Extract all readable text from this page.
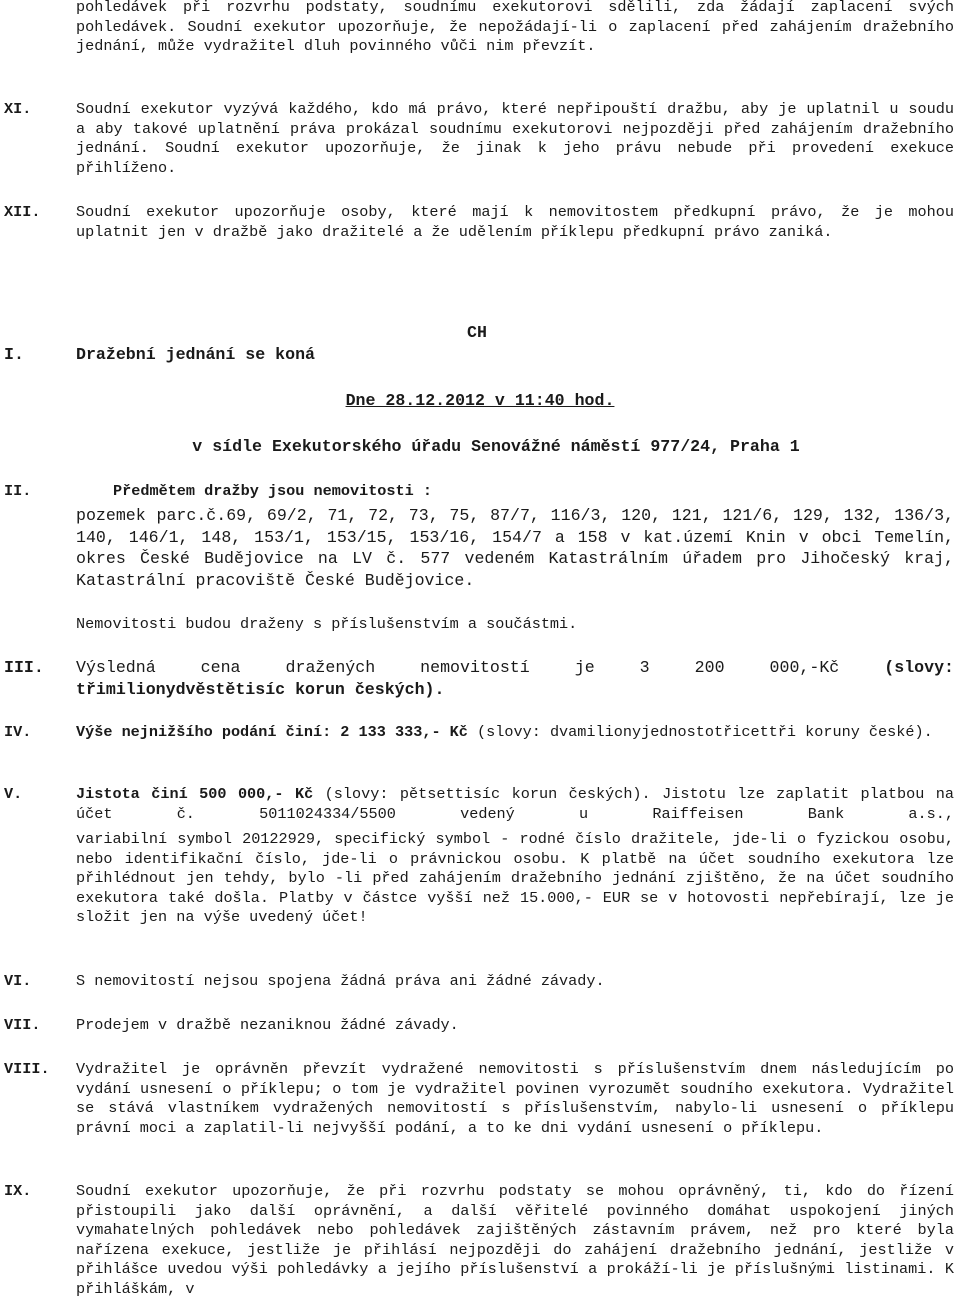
pohledávek při rozvrhu podstaty, soudnímu exekutorovi sdělili, zda žádají zaplacení svých pohledávek. Soudní exekutor upozorňuje, že nepožádají-li o zaplacení před zahájením dražebního jednání, může vydražitel dluh povinného vůči nim převzít.

XI.	Soudní exekutor vyzývá každého, kdo má právo, které nepřipouští dražbu, aby je uplatnil u soudu a aby takové uplatnění práva prokázal soudnímu exekutorovi nejpozději před zahájením dražebního jednání. Soudní exekutor upozorňuje, že jinak k jeho právu nebude při provedení exekuce přihlíženo.

XII. Soudní exekutor upozorňuje osoby, které mají k nemovitostem předkupní právo, že je mohou uplatnit jen v dražbě jako dražitelé a že udělením příklepu předkupní právo zaniká.

CH
I.	Dražební jednání se koná
Dne 28.12.2012 v 11:40 hod.
v sídle Exekutorského úřadu Senovážné náměstí 977/24, Praha 1
II.	Předmětem dražby jsou nemovitosti :

pozemek parc.č.69, 69/2, 71, 72, 73, 75, 87/7, 116/3, 120, 121, 121/6, 129, 132, 136/3, 140, 146/1, 148, 153/1, 153/15, 153/16, 154/7 a 158 v kat.území Knin v obci Temelín, okres České Budějovice na LV č. 577 vedeném Katastrálním úřadem pro Jihočeský kraj, Katastrální pracoviště České Budějovice.

Nemovitosti budou draženy s příslušenstvím a součástmi.

III. Výsledná cena dražených nemovitostí je 3 200 000,-Kč	(slovy:

třimilionydvěstětisíc korun českých).

IV.	Výše nejnižšího podání činí: 2 133 333,- Kč (slovy: dvamilionyjednostotřicettři koruny české).

V.	Jistota činí 500 000,- Kč (slovy: pětsettisíc korun českých). Jistotu lze zaplatit platbou na účet č. 5011024334/5500 vedený u Raiffeisen Bank a.s.,

variabilní symbol 20122929, specifický symbol - rodné číslo dražitele, jde-li o fyzickou osobu, nebo identifikační číslo, jde-li o právnickou osobu. K platbě na účet soudního exekutora lze přihlédnout jen tehdy, bylo -li před zahájením dražebního jednání zjištěno, že na účet soudního exekutora také došla. Platby v částce vyšší než 15.000,- EUR se v hotovosti nepřebírají, lze je složit jen na výše uvedený účet!

VI.	S nemovitostí nejsou spojena žádná práva ani žádné závady.

VII. Prodejem v dražbě nezaniknou žádné závady.

VIII. Vydražitel je oprávněn převzít vydražené nemovitosti s příslušenstvím dnem následujícím po vydání usnesení o příklepu; o tom je vydražitel povinen vyrozumět soudního exekutora. Vydražitel se stává vlastníkem vydražených nemovitostí s příslušenstvím, nabylo-li usnesení o příklepu právní moci a zaplatil-li nejvyšší podání, a to ke dni vydání usnesení o příklepu.

IX.	Soudní exekutor upozorňuje, že při rozvrhu podstaty se mohou oprávněný, ti, kdo do řízení přistoupili jako další oprávnění, a další věřitelé povinného domáhat uspokojení jiných vymahatelných pohledávek nebo pohledávek zajištěných zástavním právem, než pro které byla nařízena exekuce, jestliže je přihlásí nejpozději do zahájení dražebního jednání, jestliže v přihlášce uvedou výši pohledávky a jejího příslušenství a prokáží-li je příslušnými listinami. K přihláškám, v
